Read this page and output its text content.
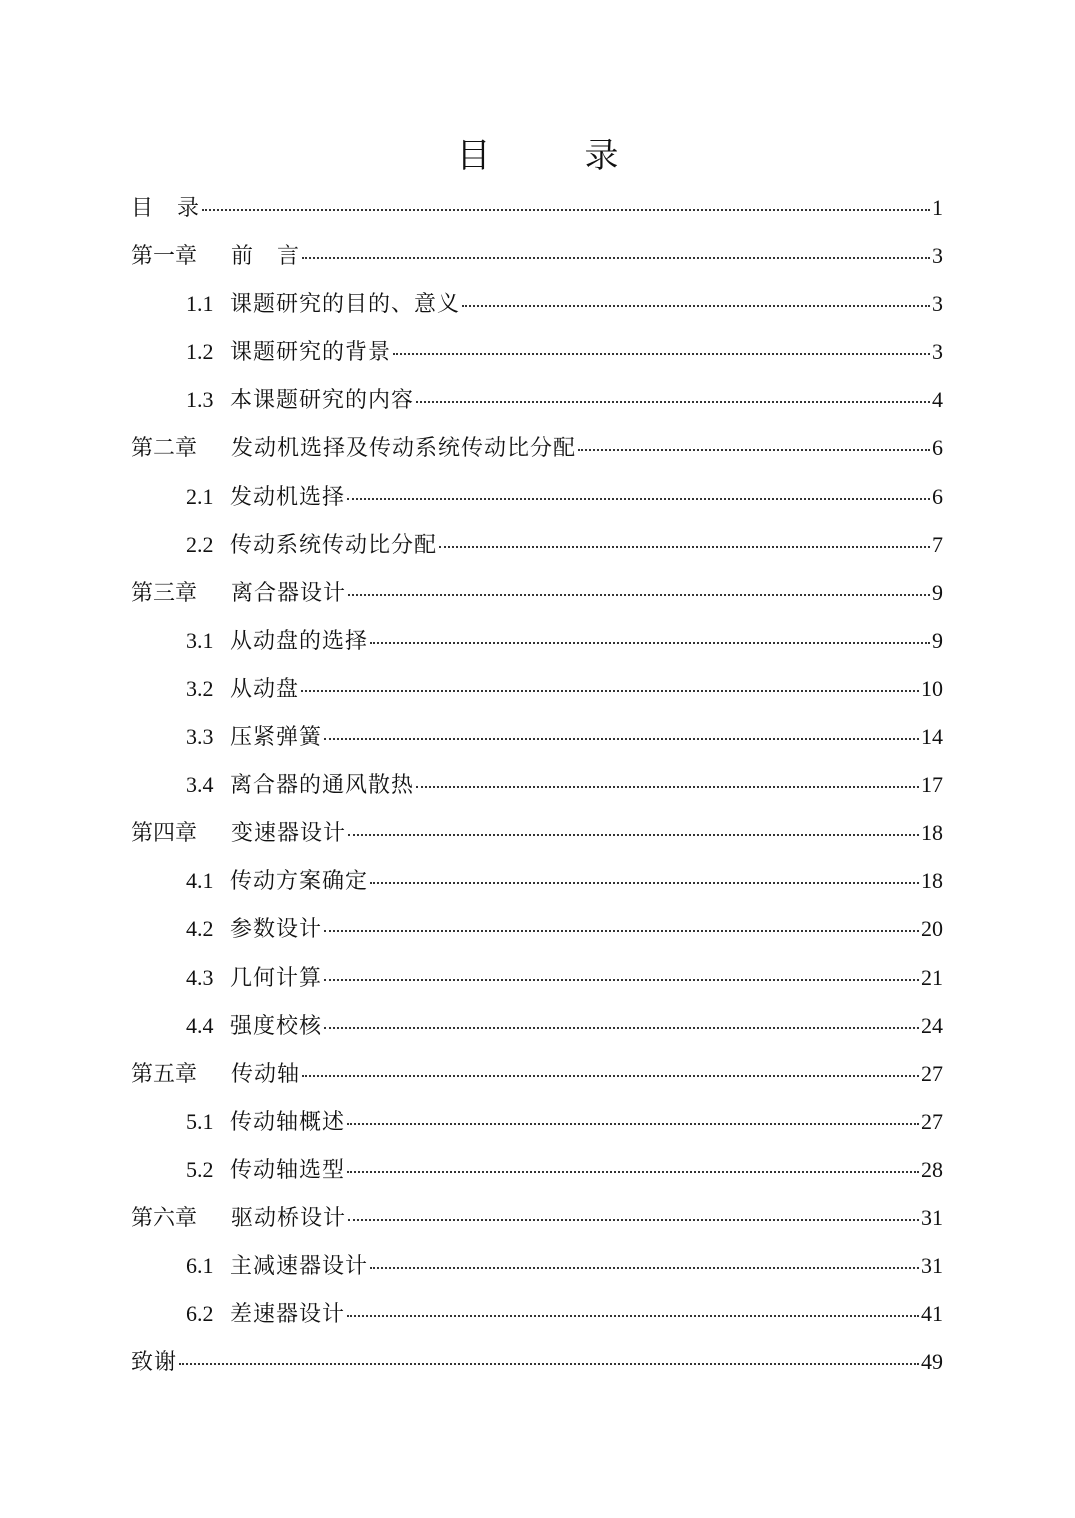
目　录
目　录	1
第一章	前　言	3
1.1 课题研究的目的、意义	3
1.2 课题研究的背景	3
1.3 本课题研究的内容	4
第二章	发动机选择及传动系统传动比分配	6
2.1 发动机选择	6
2.2 传动系统传动比分配	7
第三章	离合器设计	9
3.1 从动盘的选择	9
3.2 从动盘	10
3.3 压紧弹簧	14
3.4 离合器的通风散热	17
第四章	变速器设计	18
4.1 传动方案确定	18
4.2 参数设计	20
4.3 几何计算	21
4.4 强度校核	24
第五章	传动轴	27
5.1 传动轴概述	27
5.2 传动轴选型	28
第六章	驱动桥设计	31
6.1 主减速器设计	31
6.2 差速器设计	41
致谢	49
